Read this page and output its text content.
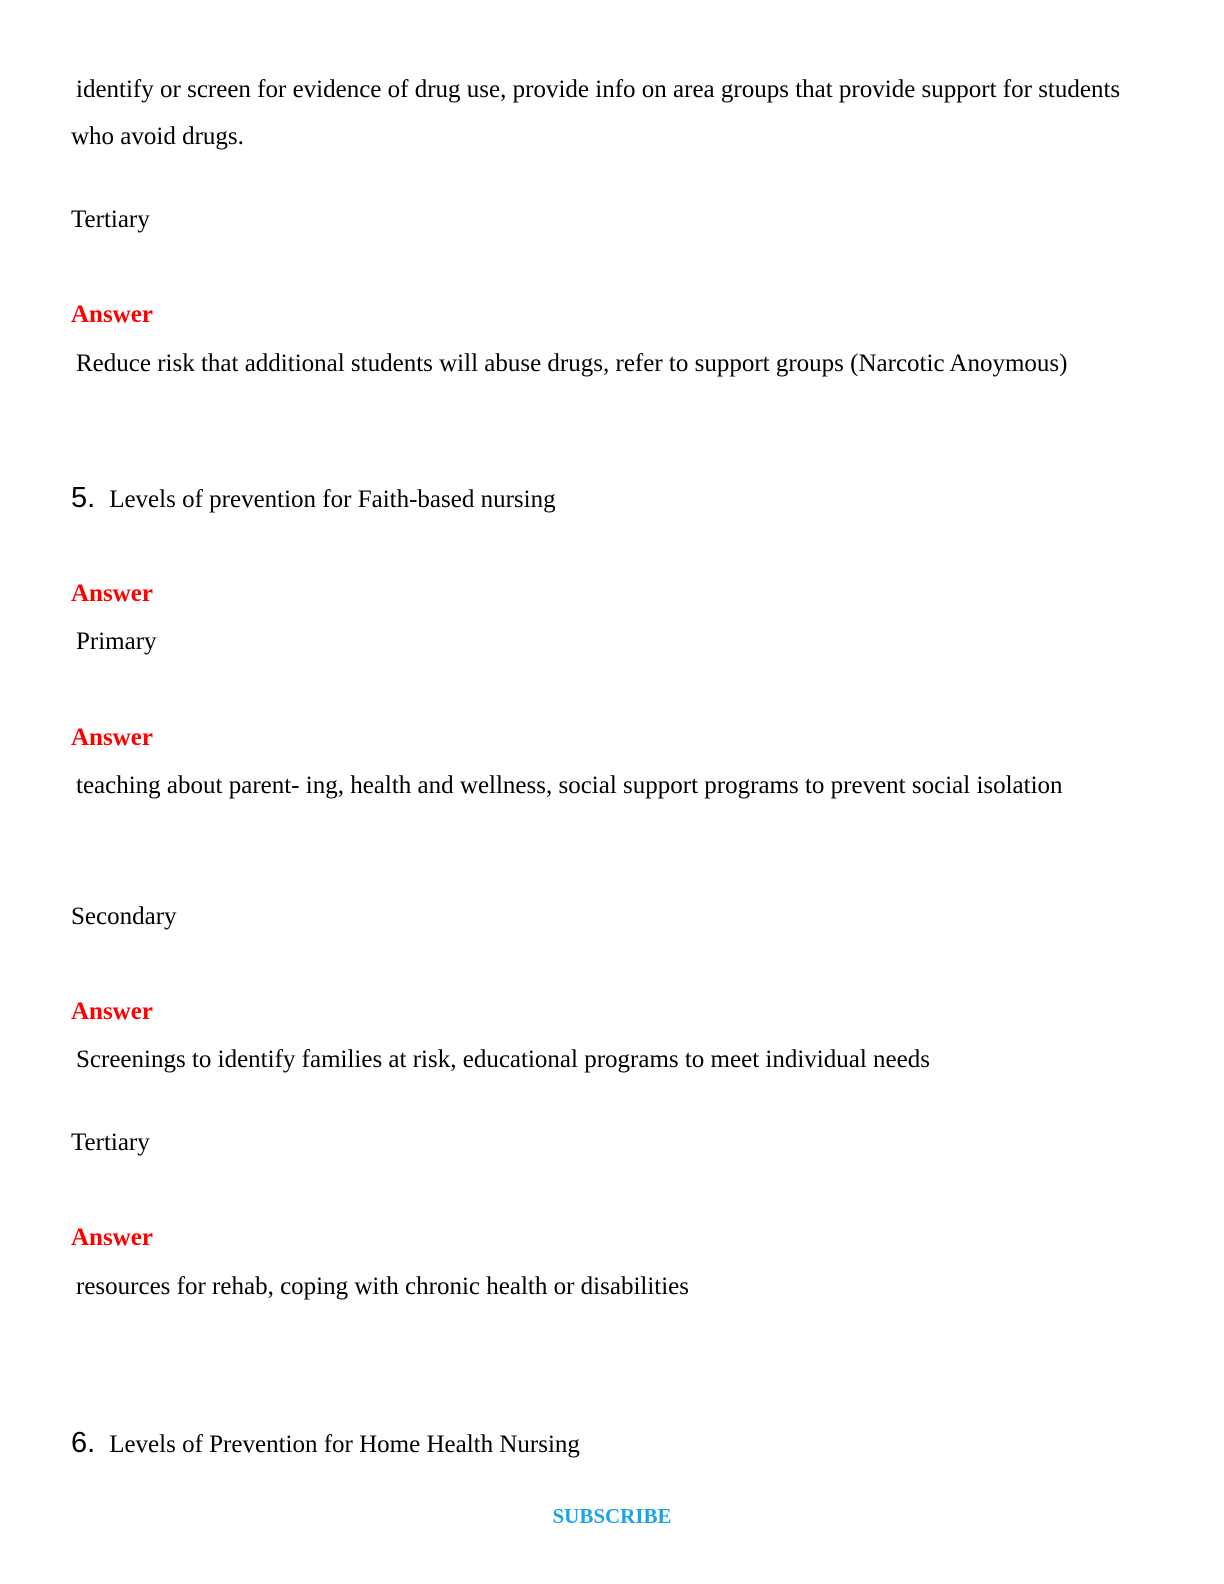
identify or screen for evidence of drug use, provide info on area groups that provide support for students who avoid drugs.

Tertiary
Answer

Reduce risk that additional students will abuse drugs, refer to support groups (Narcotic Anoymous)

5. Levels of prevention for Faith-based nursing
Answer
Primary
Answer

teaching about parent- ing, health and wellness, social support programs to prevent social isolation

Secondary
Answer
Screenings to identify families at risk, educational programs to meet individual needs
Tertiary
Answer
resources for rehab, coping with chronic health or disabilities
6. Levels of Prevention for Home Health Nursing
SUBSCRIBE
